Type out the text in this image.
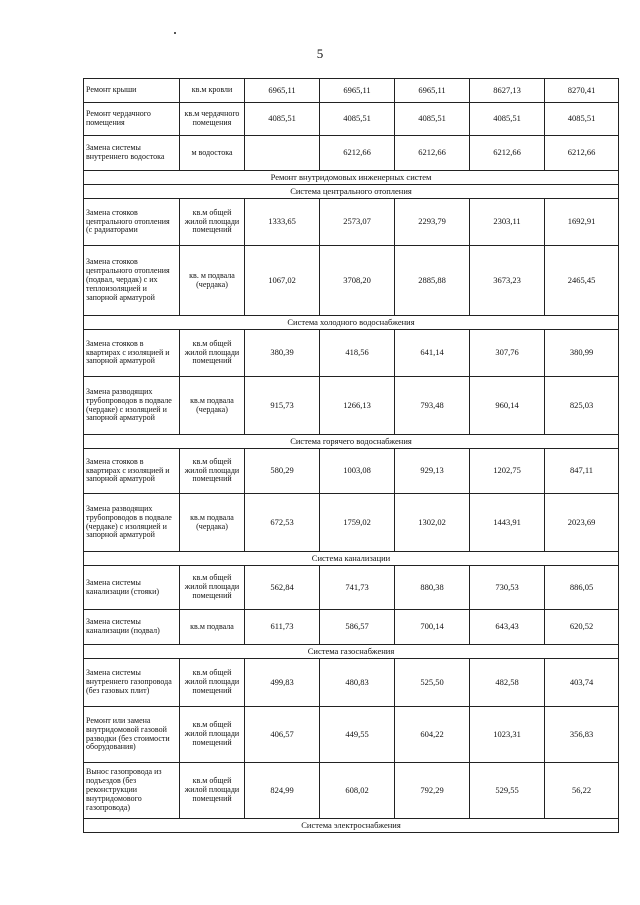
5
Ремонт крыши	кв.м кровли	6965,11	6965,11	6965,11	8627,13	8270,41
Ремонт чердачного помещения	кв.м чердачного помещения	4085,51	4085,51	4085,51	4085,51	4085,51
Замена системы внутреннего водостока	м водостока		6212,66	6212,66	6212,66	6212,66
Ремонт внутридомовых инженерных систем						
Система центрального отопления						
Замена стояков центрального отопления (с радиаторами	кв.м общей жилой площади помещений	1333,65	2573,07	2293,79	2303,11	1692,91
Замена стояков центрального отопления (подвал, чердак) с их теплоизоляцией и запорной арматурой	кв. м подвала (чердака)	1067,02	3708,20	2885,88	3673,23	2465,45
Система холодного водоснабжения						
Замена стояков в квартирах с изоляцией и запорной арматурой	кв.м общей жилой площади помещений	380,39	418,56	641,14	307,76	380,99
Замена разводящих трубопроводов в подвале (чердаке) с изоляцией и запорной арматурой	кв.м подвала (чердака)	915,73	1266,13	793,48	960,14	825,03
Система горячего водоснабжения						
Замена стояков в квартирах с изоляцией и запорной арматурой	кв.м общей жилой площади помещений	580,29	1003,08	929,13	1202,75	847,11
Замена разводящих трубопроводов в подвале (чердаке) с изоляцией и запорной арматурой	кв.м подвала (чердака)	672,53	1759,02	1302,02	1443,91	2023,69
Система канализации						
Замена системы канализации (стояки)	кв.м общей жилой площади помещений	562,84	741,73	880,38	730,53	886,05
Замена системы канализации (подвал)	кв.м подвала	611,73	586,57	700,14	643,43	620,52
Система газоснабжения						
Замена системы внутреннего газопровода (без газовых плит)	кв.м общей жилой площади помещений	499,83	480,83	525,50	482,58	403,74
Ремонт или замена внутридомовой газовой разводки (без стоимости оборудования)	кв.м общей жилой площади помещений	406,57	449,55	604,22	1023,31	356,83
Вынос газопровода из подъездов (без реконструкции внутридомового газопровода)	кв.м общей жилой площади помещений	824,99	608,02	792,29	529,55	56,22
Система электроснабжения						
